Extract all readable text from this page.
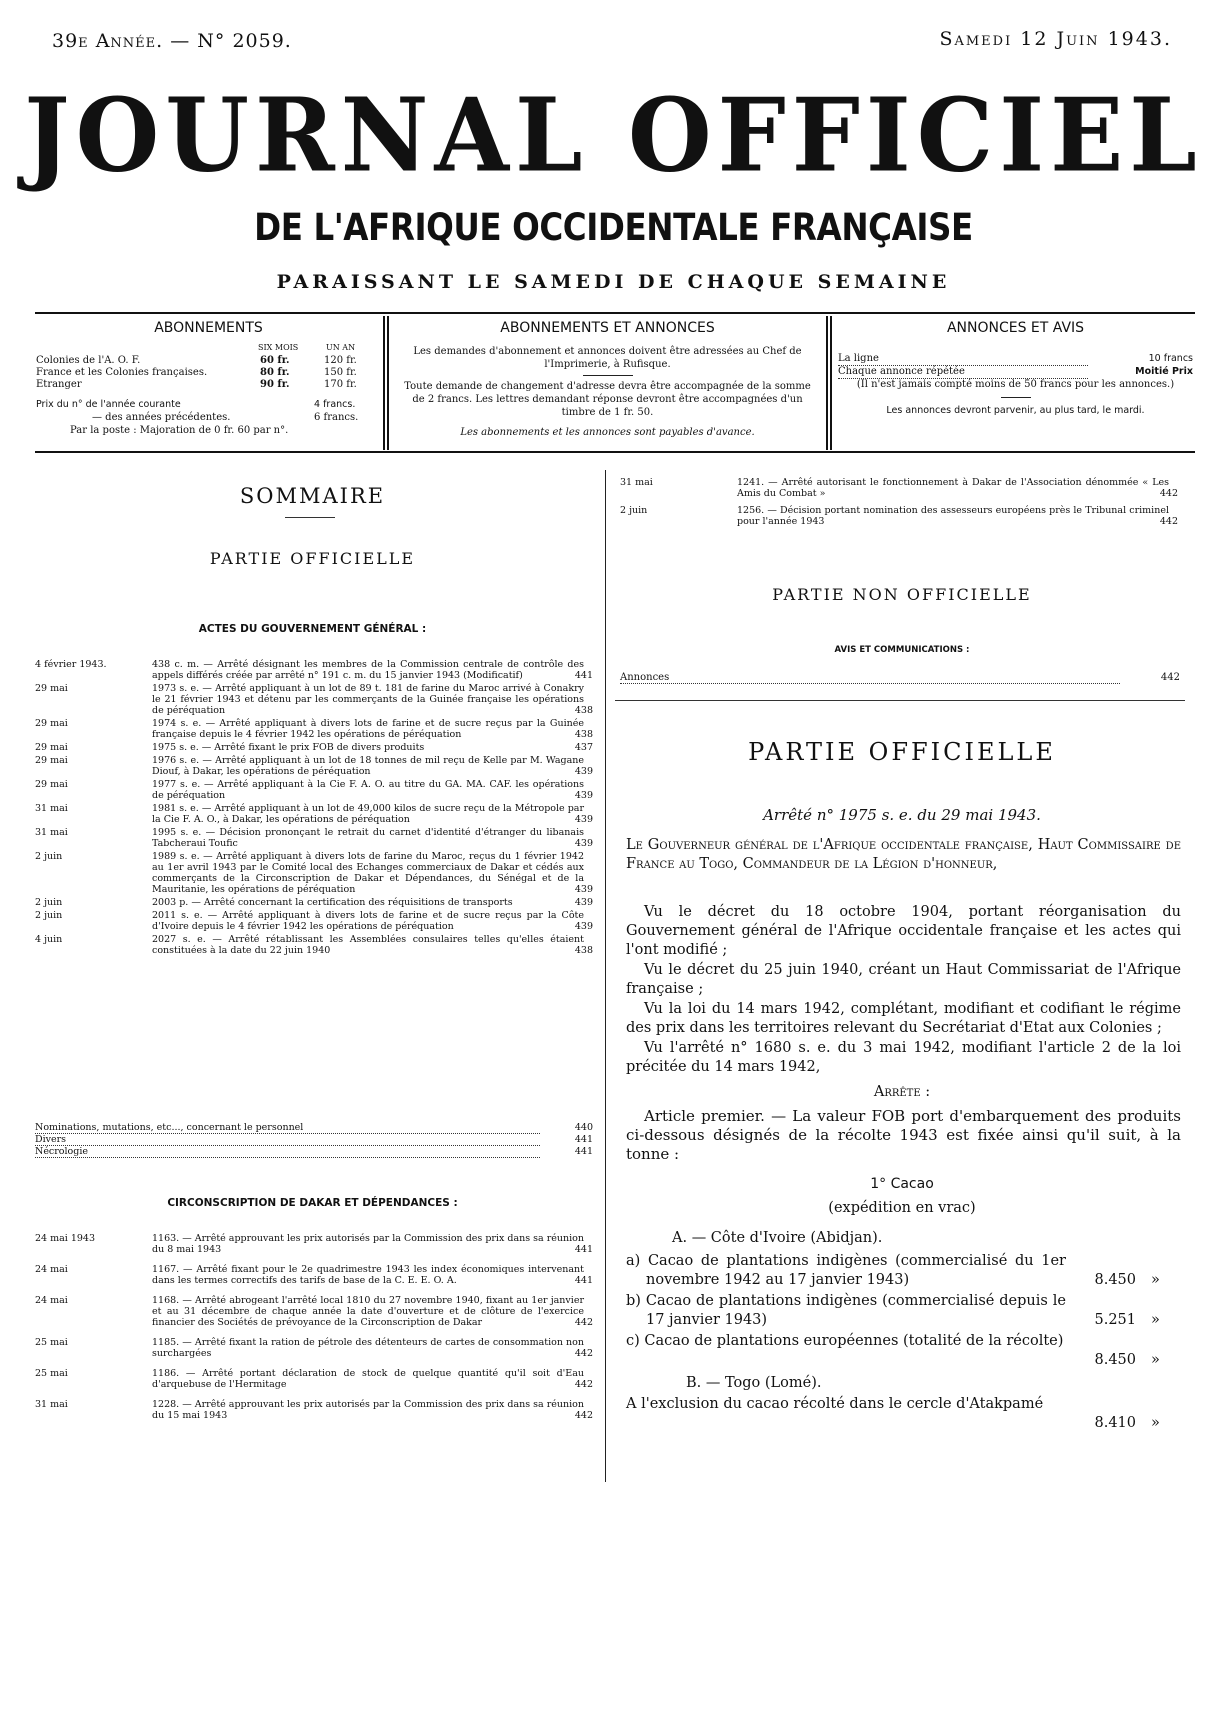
39e Année. — N° 2059.	Samedi 12 Juin 1943.
JOURNAL OFFICIEL
DE L'AFRIQUE OCCIDENTALE FRANÇAISE
PARAISSANT LE SAMEDI DE CHAQUE SEMAINE
ABONNEMENTS
SIX MOIS	UN AN
Colonies de l'A. O. F.	60 fr.	120 fr.
France et les Colonies françaises.	80 fr.	150 fr.
Etranger	90 fr.	170 fr.
Prix du n° de l'année courante	4 francs.
— des années précédentes.	6 francs.
Par la poste : Majoration de 0 fr. 60 par n°.
ABONNEMENTS ET ANNONCES
Les demandes d'abonnement et annonces doivent être adressées au Chef de l'Imprimerie, à Rufisque.
Toute demande de changement d'adresse devra être accompagnée de la somme de 2 francs. Les lettres demandant réponse devront être accompagnées d'un timbre de 1 fr. 50.
Les abonnements et les annonces sont payables d'avance.
ANNONCES ET AVIS
La ligne	10 francs
Chaque annonce répétée	Moitié Prix
(Il n'est jamais compté moins de 50 francs pour les annonces.)
Les annonces devront parvenir, au plus tard, le mardi.
SOMMAIRE
PARTIE OFFICIELLE
ACTES DU GOUVERNEMENT GÉNÉRAL :
4 février 1943.	438 c. m. — Arrêté désignant les membres de la Commission centrale de contrôle des appels différés créée par arrêté n° 191 c. m. du 15 janvier 1943 (Modificatif)	441
29 mai	1973 s. e. — Arrêté appliquant à un lot de 89 t. 181 de farine du Maroc arrivé à Conakry le 21 février 1943 et détenu par les commerçants de la Guinée française les opérations de péréquation	438
29 mai	1974 s. e. — Arrêté appliquant à divers lots de farine et de sucre reçus par la Guinée française depuis le 4 février 1942 les opérations de péréquation	438
29 mai	1975 s. e. — Arrêté fixant le prix FOB de divers produits	437
29 mai	1976 s. e. — Arrêté appliquant à un lot de 18 tonnes de mil reçu de Kelle par M. Wagane Diouf, à Dakar, les opérations de péréquation	439
29 mai	1977 s. e. — Arrêté appliquant à la Cie F. A. O. au titre du GA. MA. CAF. les opérations de péréquation	439
31 mai	1981 s. e. — Arrêté appliquant à un lot de 49,000 kilos de sucre reçu de la Métropole par la Cie F. A. O., à Dakar, les opérations de péréquation	439
31 mai	1995 s. e. — Décision prononçant le retrait du carnet d'identité d'étranger du libanais Tabcheraui Toufic	439
2 juin	1989 s. e. — Arrêté appliquant à divers lots de farine du Maroc, reçus du 1 février 1942 au 1er avril 1943 par le Comité local des Echanges commerciaux de Dakar et cédés aux commerçants de la Circonscription de Dakar et Dépendances, du Sénégal et de la Mauritanie, les opérations de péréquation	439
2 juin	2003 p. — Arrêté concernant la certification des réquisitions de transports	439
2 juin	2011 s. e. — Arrêté appliquant à divers lots de farine et de sucre reçus par la Côte d'Ivoire depuis le 4 février 1942 les opérations de péréquation	439
4 juin	2027 s. e. — Arrêté rétablissant les Assemblées consulaires telles qu'elles étaient constituées à la date du 22 juin 1940	438
Nominations, mutations, etc..., concernant le personnel	440
Divers	441
Nécrologie	441
CIRCONSCRIPTION DE DAKAR ET DÉPENDANCES :
24 mai 1943	1163. — Arrêté approuvant les prix autorisés par la Commission des prix dans sa réunion du 8 mai 1943	441
24 mai	1167. — Arrêté fixant pour le 2e quadrimestre 1943 les index économiques intervenant dans les termes correctifs des tarifs de base de la C. E. E. O. A.	441
24 mai	1168. — Arrêté abrogeant l'arrêté local 1810 du 27 novembre 1940, fixant au 1er janvier et au 31 décembre de chaque année la date d'ouverture et de clôture de l'exercice financier des Sociétés de prévoyance de la Circonscription de Dakar	442
25 mai	1185. — Arrêté fixant la ration de pétrole des détenteurs de cartes de consommation non surchargées	442
25 mai	1186. — Arrêté portant déclaration de stock de quelque quantité qu'il soit d'Eau d'arquebuse de l'Hermitage	442
31 mai	1228. — Arrêté approuvant les prix autorisés par la Commission des prix dans sa réunion du 15 mai 1943	442
31 mai	1241. — Arrêté autorisant le fonctionnement à Dakar de l'Association dénommée « Les Amis du Combat »	442
2 juin	1256. — Décision portant nomination des assesseurs européens près le Tribunal criminel pour l'année 1943	442
PARTIE NON OFFICIELLE
AVIS ET COMMUNICATIONS :
Annonces	442
PARTIE OFFICIELLE
Arrêté n° 1975 s. e. du 29 mai 1943.
Le Gouverneur général de l'Afrique occidentale française, Haut Commissaire de France au Togo, Commandeur de la Légion d'honneur,
Vu le décret du 18 octobre 1904, portant réorganisation du Gouvernement général de l'Afrique occidentale française et les actes qui l'ont modifié ;
Vu le décret du 25 juin 1940, créant un Haut Commissariat de l'Afrique française ;
Vu la loi du 14 mars 1942, complétant, modifiant et codifiant le régime des prix dans les territoires relevant du Secrétariat d'Etat aux Colonies ;
Vu l'arrêté n° 1680 s. e. du 3 mai 1942, modifiant l'article 2 de la loi précitée du 14 mars 1942,
Arrête :
Article premier. — La valeur FOB port d'embarquement des produits ci-dessous désignés de la récolte 1943 est fixée ainsi qu'il suit, à la tonne :
1° Cacao
(expédition en vrac)
A. — Côte d'Ivoire (Abidjan).
a) Cacao de plantations indigènes (commercialisé du 1er novembre 1942 au 17 janvier 1943)	8.450 »
b) Cacao de plantations indigènes (commercialisé depuis le 17 janvier 1943)	5.251 »
c) Cacao de plantations européennes (totalité de la récolte)
8.450 »
B. — Togo (Lomé).
A l'exclusion du cacao récolté dans le cercle d'Atakpamé
8.410 »
